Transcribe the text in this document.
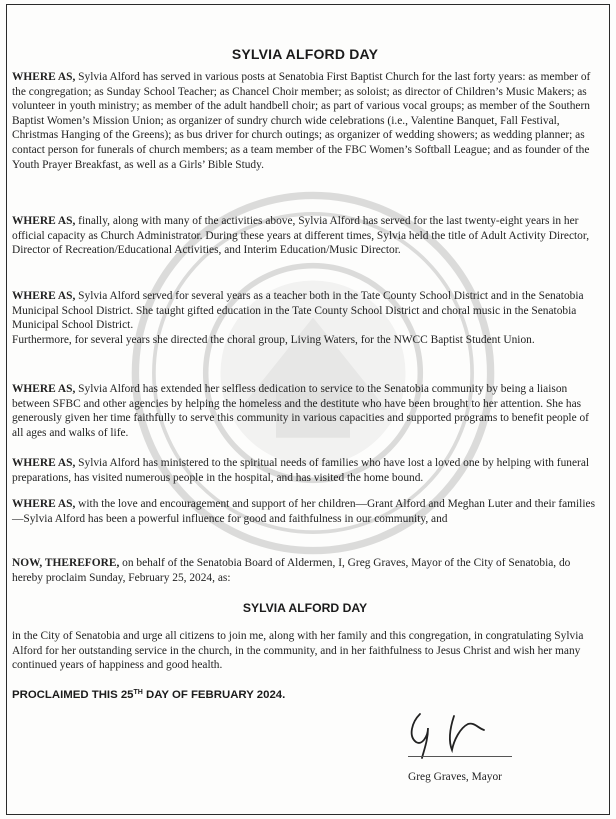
SYLVIA ALFORD DAY

WHERE AS, Sylvia Alford has served in various posts at Senatobia First Baptist Church for the last forty years: as member of the congregation; as Sunday School Teacher; as Chancel Choir member; as soloist; as director of Children’s Music Makers; as volunteer in youth ministry; as member of the adult handbell choir; as part of various vocal groups; as member of the Southern Baptist Women’s Mission Union; as organizer of sundry church wide celebrations (i.e., Valentine Banquet, Fall Festival, Christmas Hanging of the Greens); as bus driver for church outings; as organizer of wedding showers; as wedding planner; as contact person for funerals of church members; as a team member of the FBC Women’s Softball League; and as founder of the Youth Prayer Breakfast, as well as a Girls’ Bible Study.

WHERE AS, finally, along with many of the activities above, Sylvia Alford has served for the last twenty-eight years in her official capacity as Church Administrator. During these years at different times, Sylvia held the title of Adult Activity Director, Director of Recreation/Educational Activities, and Interim Education/Music Director.

WHERE AS, Sylvia Alford served for several years as a teacher both in the Tate County School District and in the Senatobia Municipal School District. She taught gifted education in the Tate County School District and choral music in the Senatobia Municipal School District.
Furthermore, for several years she directed the choral group, Living Waters, for the NWCC Baptist Student Union.

WHERE AS, Sylvia Alford has extended her selfless dedication to service to the Senatobia community by being a liaison between SFBC and other agencies by helping the homeless and the destitute who have been brought to her attention. She has generously given her time faithfully to serve this community in various capacities and supported programs to benefit people of all ages and walks of life.

WHERE AS, Sylvia Alford has ministered to the spiritual needs of families who have lost a loved one by helping with funeral preparations, has visited numerous people in the hospital, and has visited the home bound.

WHERE AS, with the love and encouragement and support of her children—Grant Alford and Meghan Luter and their families—Sylvia Alford has been a powerful influence for good and faithfulness in our community, and

NOW, THEREFORE, on behalf of the Senatobia Board of Aldermen, I, Greg Graves, Mayor of the City of Senatobia, do hereby proclaim Sunday, February 25, 2024, as:

SYLVIA ALFORD DAY

in the City of Senatobia and urge all citizens to join me, along with her family and this congregation, in congratulating Sylvia Alford for her outstanding service in the church, in the community, and in her faithfulness to Jesus Christ and wish her many continued years of happiness and good health.

PROCLAIMED THIS 25TH DAY OF FEBRUARY 2024.
Greg Graves, Mayor
